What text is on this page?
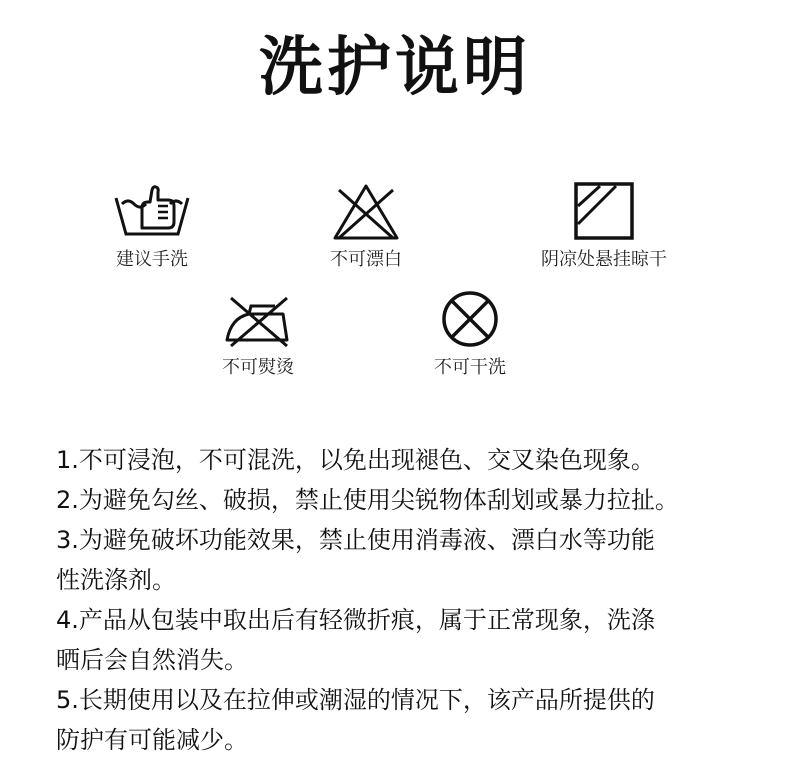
洗护说明
建议手洗	不可漂白	阴凉处悬挂晾干
不可熨烫	不可干洗

1.不可浸泡，不可混洗，以免出现褪色、交叉染色现象。

2.为避免勾丝、破损，禁止使用尖锐物体刮划或暴力拉扯。

3.为避免破坏功能效果，禁止使用消毒液、漂白水等功能
性洗涤剂。

4.产品从包装中取出后有轻微折痕，属于正常现象，洗涤
晒后会自然消失。

5.长期使用以及在拉伸或潮湿的情况下，该产品所提供的
防护有可能减少。
